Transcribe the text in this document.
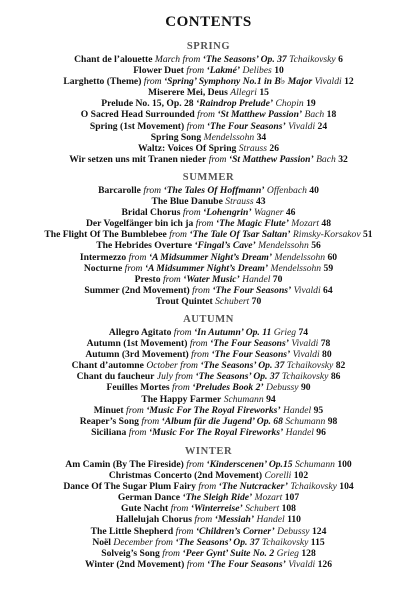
CONTENTS
SPRING
Chant de l’alouette March from ‘The Seasons’ Op. 37 Tchaikovsky 6
Flower Duet from ‘Lakmé’ Delibes 10
Larghetto (Theme) from ‘Spring’ Symphony No.1 in B♭ Major Vivaldi 12
Miserere Mei, Deus Allegri 15
Prelude No. 15, Op. 28 ‘Raindrop Prelude’ Chopin 19
O Sacred Head Surrounded from ‘St Matthew Passion’ Bach 18
Spring (1st Movement) from ‘The Four Seasons’ Vivaldi 24
Spring Song Mendelssohn 34
Waltz: Voices Of Spring Strauss 26
Wir setzen uns mit Tranen nieder from ‘St Matthew Passion’ Bach 32
SUMMER
Barcarolle from ‘The Tales Of Hoffmann’ Offenbach 40
The Blue Danube Strauss 43
Bridal Chorus from ‘Lohengrin’ Wagner 46
Der Vogelfänger bin ich ja from ‘The Magic Flute’ Mozart 48
The Flight Of The Bumblebee from ‘The Tale Of Tsar Saltan’ Rimsky-Korsakov 51
The Hebrides Overture ‘Fingal’s Cave’ Mendelssohn 56
Intermezzo from ‘A Midsummer Night’s Dream’ Mendelssohn 60
Nocturne from ‘A Midsummer Night’s Dream’ Mendelssohn 59
Presto from ‘Water Music’ Handel 70
Summer (2nd Movement) from ‘The Four Seasons’ Vivaldi 64
Trout Quintet Schubert 70
AUTUMN
Allegro Agitato from ‘In Autumn’ Op. 11 Grieg 74
Autumn (1st Movement) from ‘The Four Seasons’ Vivaldi 78
Autumn (3rd Movement) from ‘The Four Seasons’ Vivaldi 80
Chant d’automne October from ‘The Seasons’ Op. 37 Tchaikovsky 82
Chant du faucheur July from ‘The Seasons’ Op. 37 Tchaikovsky 86
Feuilles Mortes from ‘Preludes Book 2’ Debussy 90
The Happy Farmer Schumann 94
Minuet from ‘Music For The Royal Fireworks’ Handel 95
Reaper’s Song from ‘Album für die Jugend’ Op. 68 Schumann 98
Siciliana from ‘Music For The Royal Fireworks’ Handel 96
WINTER
Am Camin (By The Fireside) from ‘Kinderscenen’ Op.15 Schumann 100
Christmas Concerto (2nd Movement) Corelli 102
Dance Of The Sugar Plum Fairy from ‘The Nutcracker’ Tchaikovsky 104
German Dance ‘The Sleigh Ride’ Mozart 107
Gute Nacht from ‘Winterreise’ Schubert 108
Hallelujah Chorus from ‘Messiah’ Handel 110
The Little Shepherd from ‘Children’s Corner’ Debussy 124
Noël December from ‘The Seasons’ Op. 37 Tchaikovsky 115
Solveig’s Song from ‘Peer Gynt’ Suite No. 2 Grieg 128
Winter (2nd Movement) from ‘The Four Seasons’ Vivaldi 126
